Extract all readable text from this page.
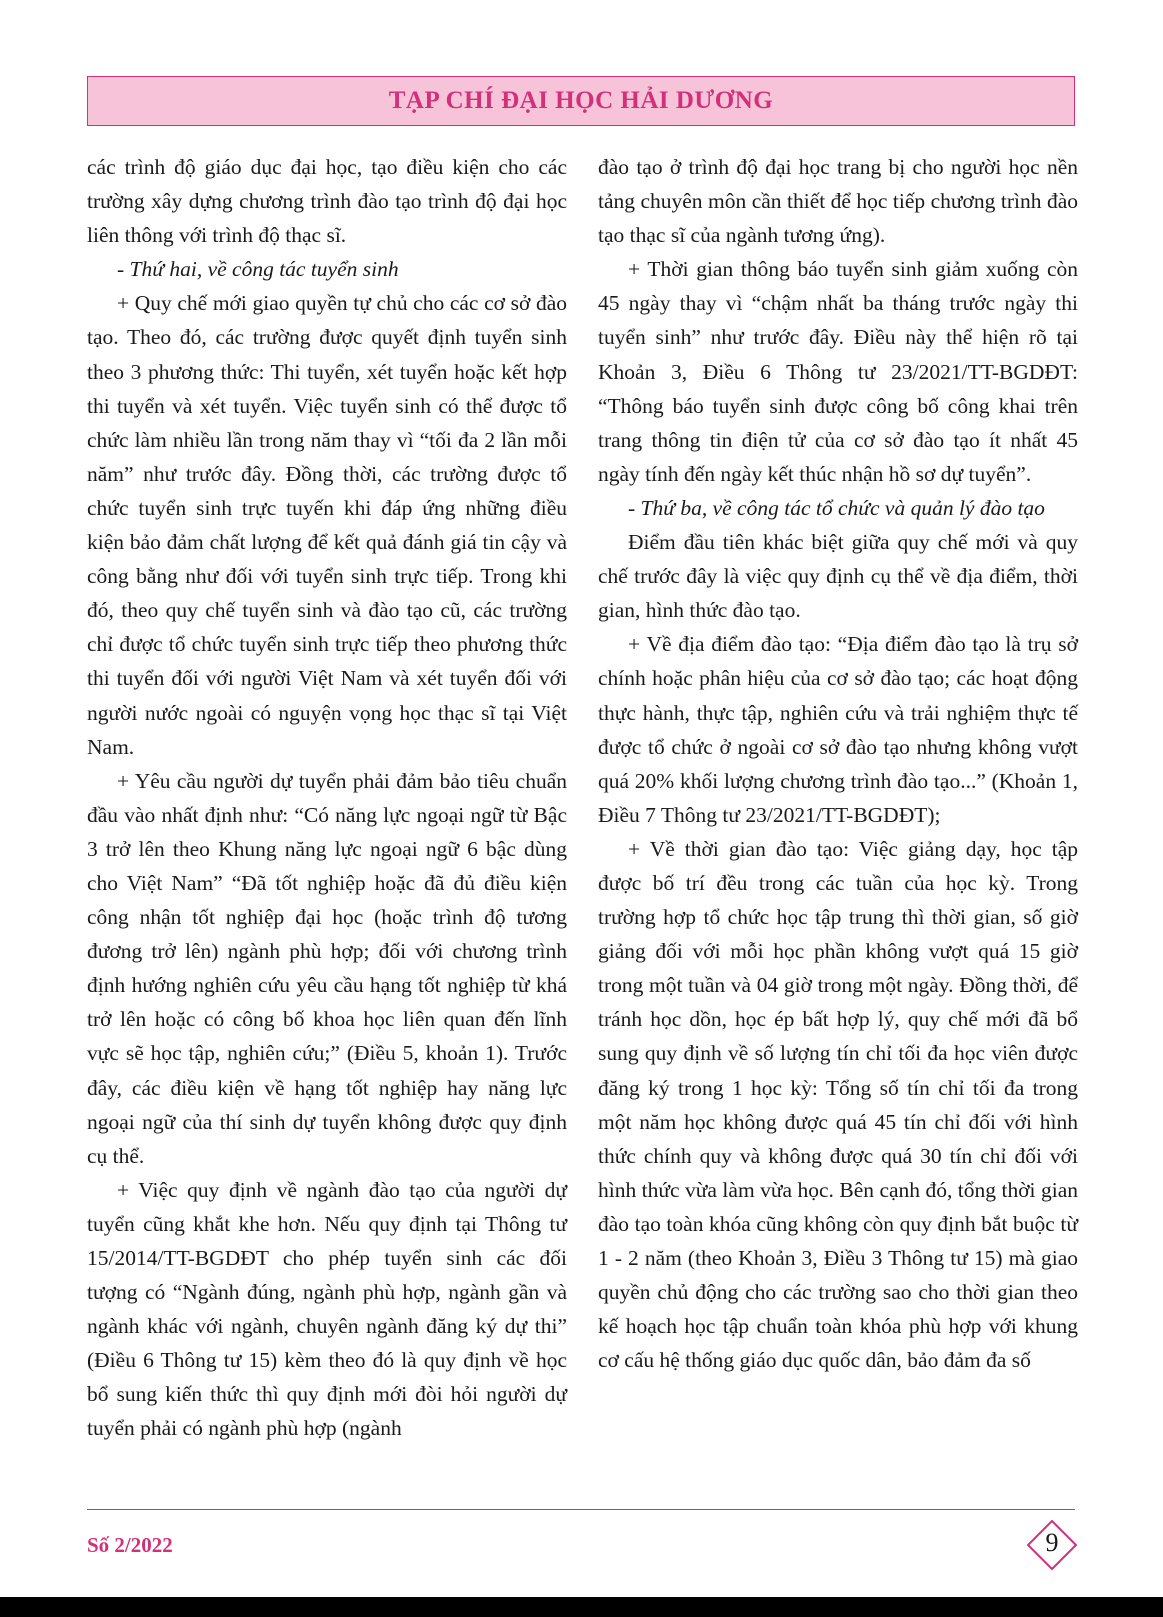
TẠP CHÍ ĐẠI HỌC HẢI DƯƠNG

các trình độ giáo dục đại học, tạo điều kiện cho các trường xây dựng chương trình đào tạo trình độ đại học liên thông với trình độ thạc sĩ.

- Thứ hai, về công tác tuyển sinh

+ Quy chế mới giao quyền tự chủ cho các cơ sở đào tạo. Theo đó, các trường được quyết định tuyển sinh theo 3 phương thức: Thi tuyển, xét tuyển hoặc kết hợp thi tuyển và xét tuyển. Việc tuyển sinh có thể được tổ chức làm nhiều lần trong năm thay vì “tối đa 2 lần mỗi năm” như trước đây. Đồng thời, các trường được tổ chức tuyển sinh trực tuyến khi đáp ứng những điều kiện bảo đảm chất lượng để kết quả đánh giá tin cậy và công bằng như đối với tuyển sinh trực tiếp. Trong khi đó, theo quy chế tuyển sinh và đào tạo cũ, các trường chỉ được tổ chức tuyển sinh trực tiếp theo phương thức thi tuyển đối với người Việt Nam và xét tuyển đối với người nước ngoài có nguyện vọng học thạc sĩ tại Việt Nam.

+ Yêu cầu người dự tuyển phải đảm bảo tiêu chuẩn đầu vào nhất định như: “Có năng lực ngoại ngữ từ Bậc 3 trở lên theo Khung năng lực ngoại ngữ 6 bậc dùng cho Việt Nam” “Đã tốt nghiệp hoặc đã đủ điều kiện công nhận tốt nghiệp đại học (hoặc trình độ tương đương trở lên) ngành phù hợp; đối với chương trình định hướng nghiên cứu yêu cầu hạng tốt nghiệp từ khá trở lên hoặc có công bố khoa học liên quan đến lĩnh vực sẽ học tập, nghiên cứu;” (Điều 5, khoản 1). Trước đây, các điều kiện về hạng tốt nghiệp hay năng lực ngoại ngữ của thí sinh dự tuyển không được quy định cụ thể.

+ Việc quy định về ngành đào tạo của người dự tuyển cũng khắt khe hơn. Nếu quy định tại Thông tư 15/2014/TT-BGDĐT cho phép tuyển sinh các đối tượng có “Ngành đúng, ngành phù hợp, ngành gần và ngành khác với ngành, chuyên ngành đăng ký dự thi” (Điều 6 Thông tư 15) kèm theo đó là quy định về học bổ sung kiến thức thì quy định mới đòi hỏi người dự tuyển phải có ngành phù hợp (ngành

đào tạo ở trình độ đại học trang bị cho người học nền tảng chuyên môn cần thiết để học tiếp chương trình đào tạo thạc sĩ của ngành tương ứng).

+ Thời gian thông báo tuyển sinh giảm xuống còn 45 ngày thay vì “chậm nhất ba tháng trước ngày thi tuyển sinh” như trước đây. Điều này thể hiện rõ tại Khoản 3, Điều 6 Thông tư 23/2021/TT-BGDĐT: “Thông báo tuyển sinh được công bố công khai trên trang thông tin điện tử của cơ sở đào tạo ít nhất 45 ngày tính đến ngày kết thúc nhận hồ sơ dự tuyển”.

- Thứ ba, về công tác tổ chức và quản lý đào tạo

Điểm đầu tiên khác biệt giữa quy chế mới và quy chế trước đây là việc quy định cụ thể về địa điểm, thời gian, hình thức đào tạo.

+ Về địa điểm đào tạo: “Địa điểm đào tạo là trụ sở chính hoặc phân hiệu của cơ sở đào tạo; các hoạt động thực hành, thực tập, nghiên cứu và trải nghiệm thực tế được tổ chức ở ngoài cơ sở đào tạo nhưng không vượt quá 20% khối lượng chương trình đào tạo...” (Khoản 1, Điều 7 Thông tư 23/2021/TT-BGDĐT);

+ Về thời gian đào tạo: Việc giảng dạy, học tập được bố trí đều trong các tuần của học kỳ. Trong trường hợp tổ chức học tập trung thì thời gian, số giờ giảng đối với mỗi học phần không vượt quá 15 giờ trong một tuần và 04 giờ trong một ngày. Đồng thời, để tránh học dồn, học ép bất hợp lý, quy chế mới đã bổ sung quy định về số lượng tín chỉ tối đa học viên được đăng ký trong 1 học kỳ: Tổng số tín chỉ tối đa trong một năm học không được quá 45 tín chỉ đối với hình thức chính quy và không được quá 30 tín chỉ đối với hình thức vừa làm vừa học. Bên cạnh đó, tổng thời gian đào tạo toàn khóa cũng không còn quy định bắt buộc từ 1 - 2 năm (theo Khoản 3, Điều 3 Thông tư 15) mà giao quyền chủ động cho các trường sao cho thời gian theo kế hoạch học tập chuẩn toàn khóa phù hợp với khung cơ cấu hệ thống giáo dục quốc dân, bảo đảm đa số

Số 2/2022	9
